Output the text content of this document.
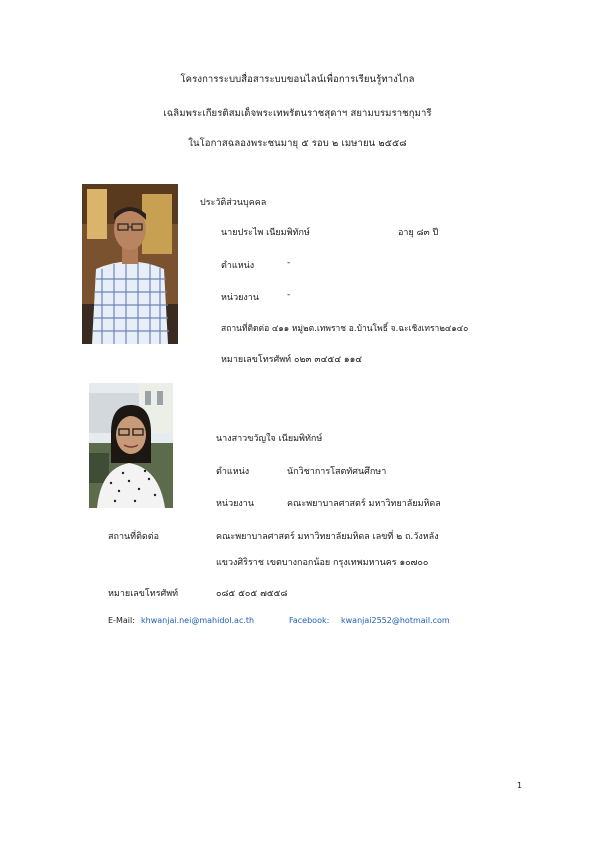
โครงการระบบสื่อสาระบบขอนไลน์เพื่อการเรียนรู้ทางไกล
เฉลิมพระเกียรติสมเด็จพระเทพรัตนราชสุดาฯ สยามบรมราชกุมารี
ในโอกาสฉลองพระชนมายุ ๕ รอบ ๒ เมษายน ๒๕๕๘
ประวัติส่วนบุคคล
นายประไพ เนียมพิทักษ์	อายุ ๘๓ ปี
ตำแหน่ง	-
หน่วยงาน	-
สถานที่ติดต่อ ๔๑๑ หมู่๒ต.เทพราช อ.บ้านโพธิ์ จ.ฉะเชิงเทรา๒๔๑๔๐
หมายเลขโทรศัพท์ ๐๒๓ ๓๔๕๔ ๑๑๔
นางสาวขวัญใจ เนียมพิทักษ์
ตำแหน่ง	นักวิชาการโสตทัศนศึกษา
หน่วยงาน	คณะพยาบาลศาสตร์ มหาวิทยาลัยมหิดล
สถานที่ติดต่อ	คณะพยาบาลศาสตร์ มหาวิทยาลัยมหิดล เลขที่ ๒ ถ.วังหลัง
แขวงศิริราช เขตบางกอกน้อย กรุงเทพมหานคร ๑๐๗๐๐
หมายเลขโทรศัพท์	๐๘๕ ๕๐๕ ๗๕๕๘
E-Mail: khwanjai.nei@mahidol.ac.th	Facebook: kwanjai2552@hotmail.com
1
